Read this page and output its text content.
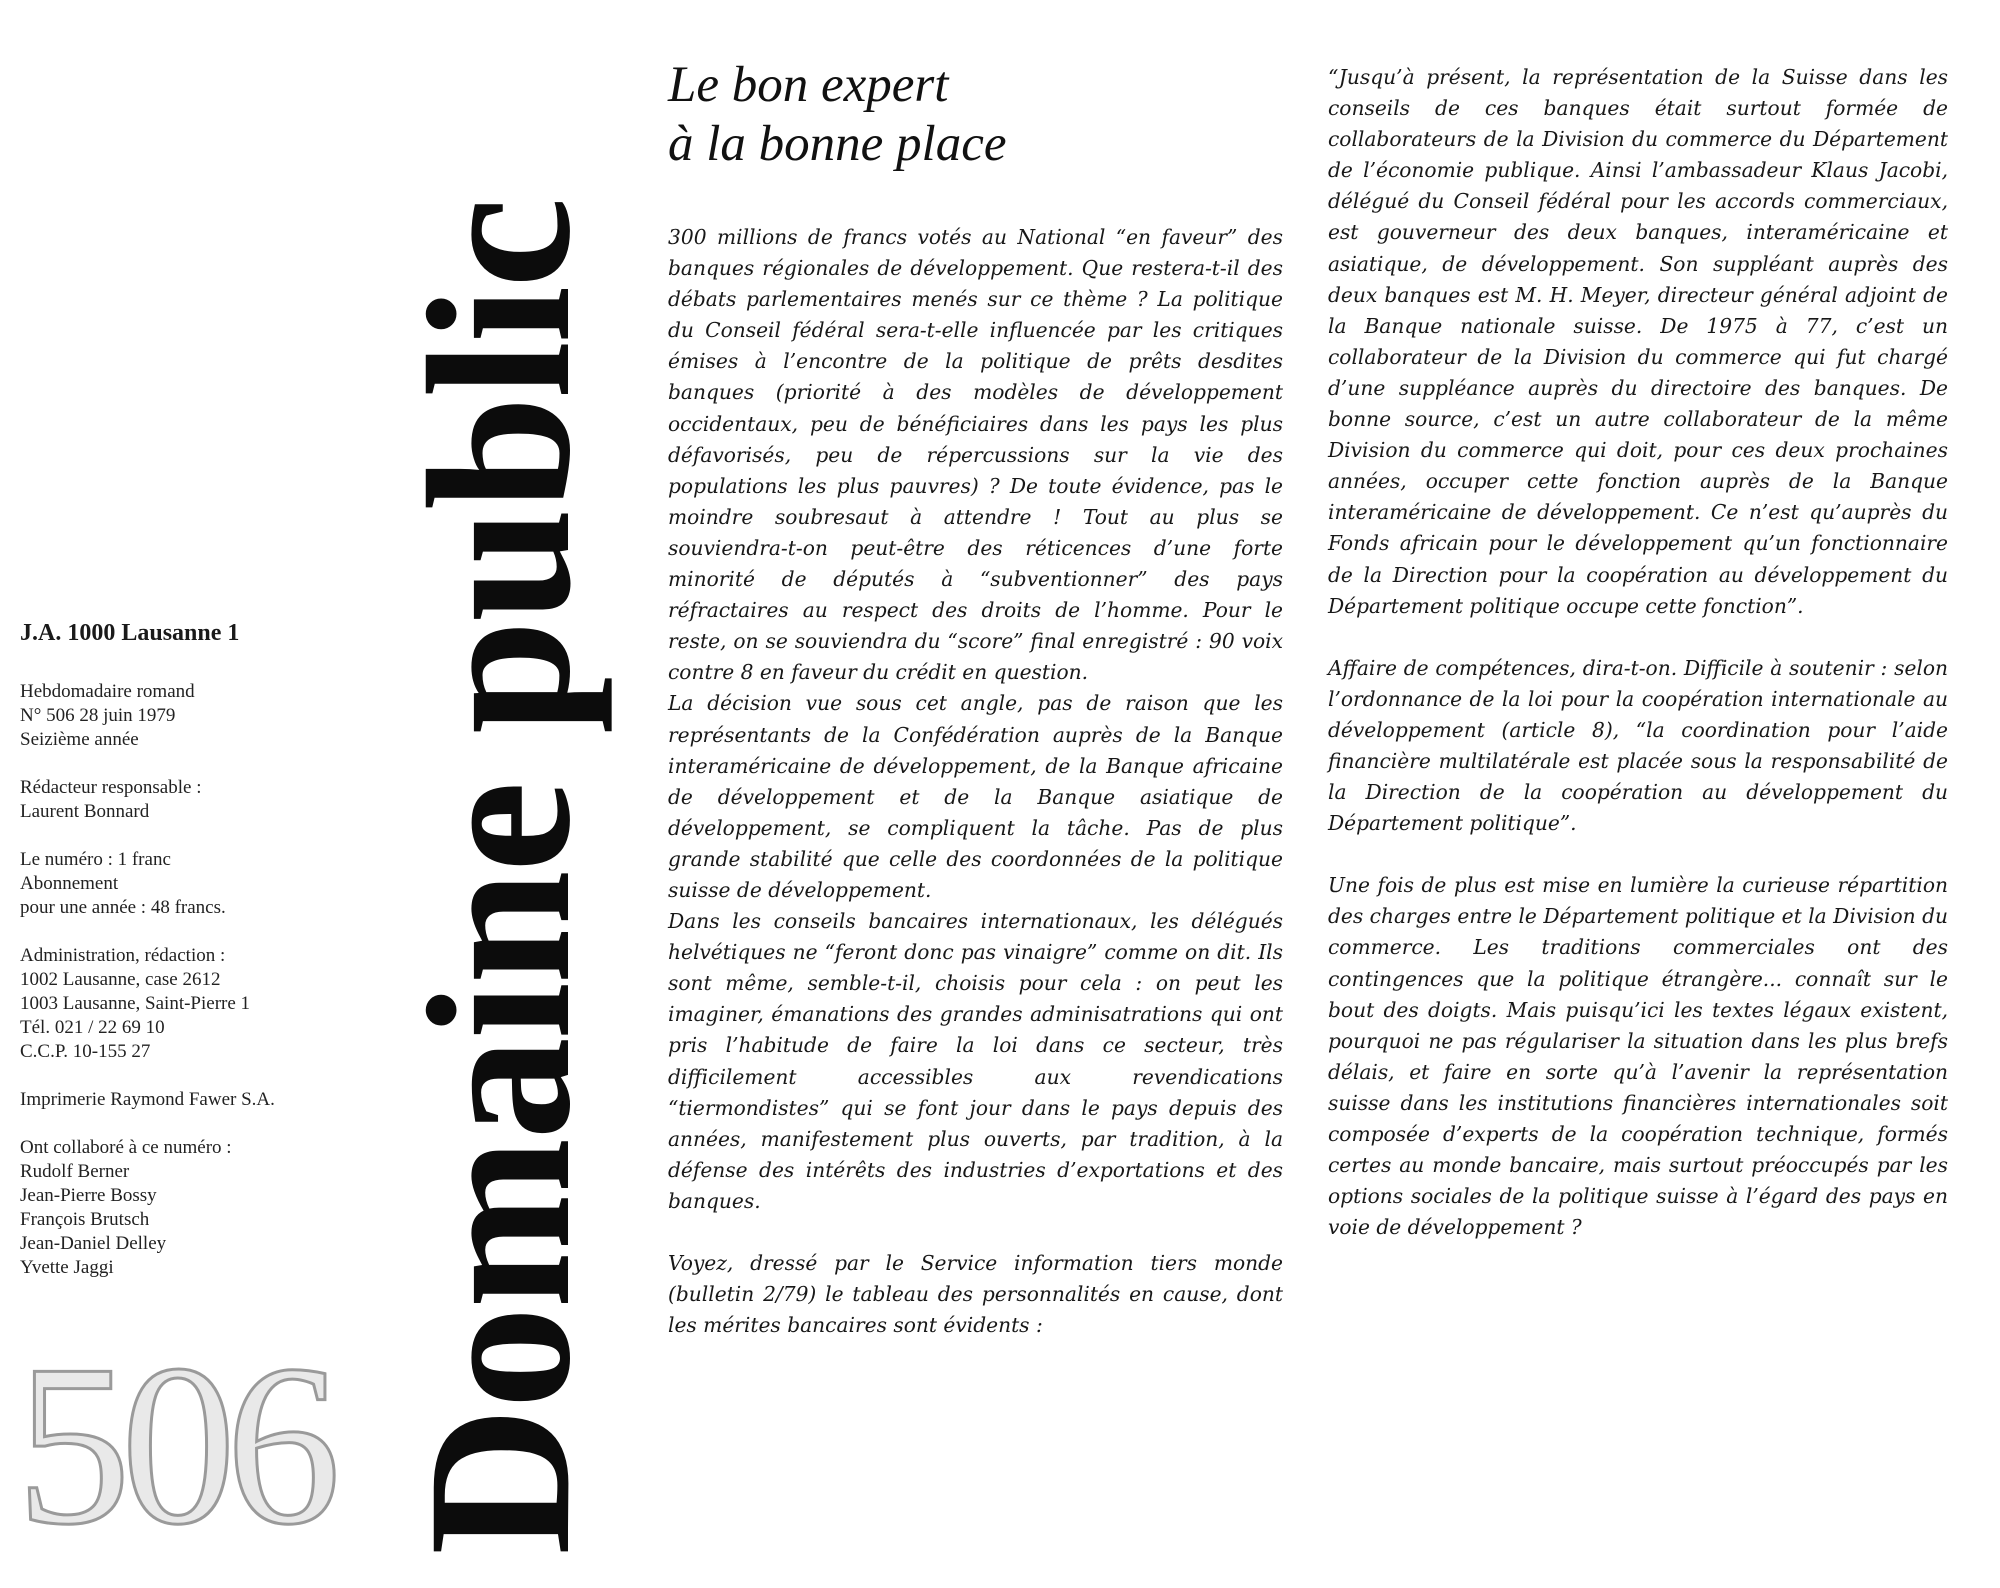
J.A. 1000 Lausanne 1
Hebdomadaire romand
N° 506 28 juin 1979
Seizième année
Rédacteur responsable :
Laurent Bonnard
Le numéro : 1 franc
Abonnement
pour une année : 48 francs.
Administration, rédaction :
1002 Lausanne, case 2612
1003 Lausanne, Saint-Pierre 1
Tél. 021 / 22 69 10
C.C.P. 10-155 27
Imprimerie Raymond Fawer S.A.
Ont collaboré à ce numéro :
Rudolf Berner
Jean-Pierre Bossy
François Brutsch
Jean-Daniel Delley
Yvette Jaggi
506 Domaine public
Le bon expert
à la bonne place

300 millions de francs votés au National “en faveur” des banques régionales de développement. Que restera-t-il des débats parlementaires menés sur ce thème ? La politique du Conseil fédéral sera-t-elle influencée par les critiques émises à l’encontre de la politique de prêts desdites banques (priorité à des modèles de développement occidentaux, peu de bénéficiaires dans les pays les plus défavorisés, peu de répercussions sur la vie des populations les plus pauvres) ? De toute évidence, pas le moindre soubresaut à attendre ! Tout au plus se souviendra-t-on peut-être des réticences d’une forte minorité de députés à “subventionner” des pays réfractaires au respect des droits de l’homme. Pour le reste, on se souviendra du “score” final enregistré : 90 voix contre 8 en faveur du crédit en question.

La décision vue sous cet angle, pas de raison que les représentants de la Confédération auprès de la Banque interaméricaine de développement, de la Banque africaine de développement et de la Banque asiatique de développement, se compliquent la tâche. Pas de plus grande stabilité que celle des coordonnées de la politique suisse de développement.

Dans les conseils bancaires internationaux, les délégués helvétiques ne “feront donc pas vinaigre” comme on dit. Ils sont même, semble-t-il, choisis pour cela : on peut les imaginer, émanations des grandes adminisatrations qui ont pris l’habitude de faire la loi dans ce secteur, très difficilement accessibles aux revendications “tiermondistes” qui se font jour dans le pays depuis des années, manifestement plus ouverts, par tradition, à la défense des intérêts des industries d’exportations et des banques.

Voyez, dressé par le Service information tiers monde (bulletin 2/79) le tableau des personnalités en cause, dont les mérites bancaires sont évidents :

“Jusqu’à présent, la représentation de la Suisse dans les conseils de ces banques était surtout formée de collaborateurs de la Division du commerce du Département de l’économie publique. Ainsi l’ambassadeur Klaus Jacobi, délégué du Conseil fédéral pour les accords commerciaux, est gouverneur des deux banques, interaméricaine et asiatique, de développement. Son suppléant auprès des deux banques est M. H. Meyer, directeur général adjoint de la Banque nationale suisse. De 1975 à 77, c’est un collaborateur de la Division du commerce qui fut chargé d’une suppléance auprès du directoire des banques. De bonne source, c’est un autre collaborateur de la même Division du commerce qui doit, pour ces deux prochaines années, occuper cette fonction auprès de la Banque interaméricaine de développement. Ce n’est qu’auprès du Fonds africain pour le développement qu’un fonctionnaire de la Direction pour la coopération au développement du Département politique occupe cette fonction”.

Affaire de compétences, dira-t-on. Difficile à soutenir : selon l’ordonnance de la loi pour la coopération internationale au développement (article 8), “la coordination pour l’aide financière multilatérale est placée sous la responsabilité de la Direction de la coopération au développement du Département politique”.

Une fois de plus est mise en lumière la curieuse répartition des charges entre le Département politique et la Division du commerce. Les traditions commerciales ont des contingences que la politique étrangère... connaît sur le bout des doigts. Mais puisqu’ici les textes légaux existent, pourquoi ne pas régulariser la situation dans les plus brefs délais, et faire en sorte qu’à l’avenir la représentation suisse dans les institutions financières internationales soit composée d’experts de la coopération technique, formés certes au monde bancaire, mais surtout préoccupés par les options sociales de la politique suisse à l’égard des pays en voie de développement ?
